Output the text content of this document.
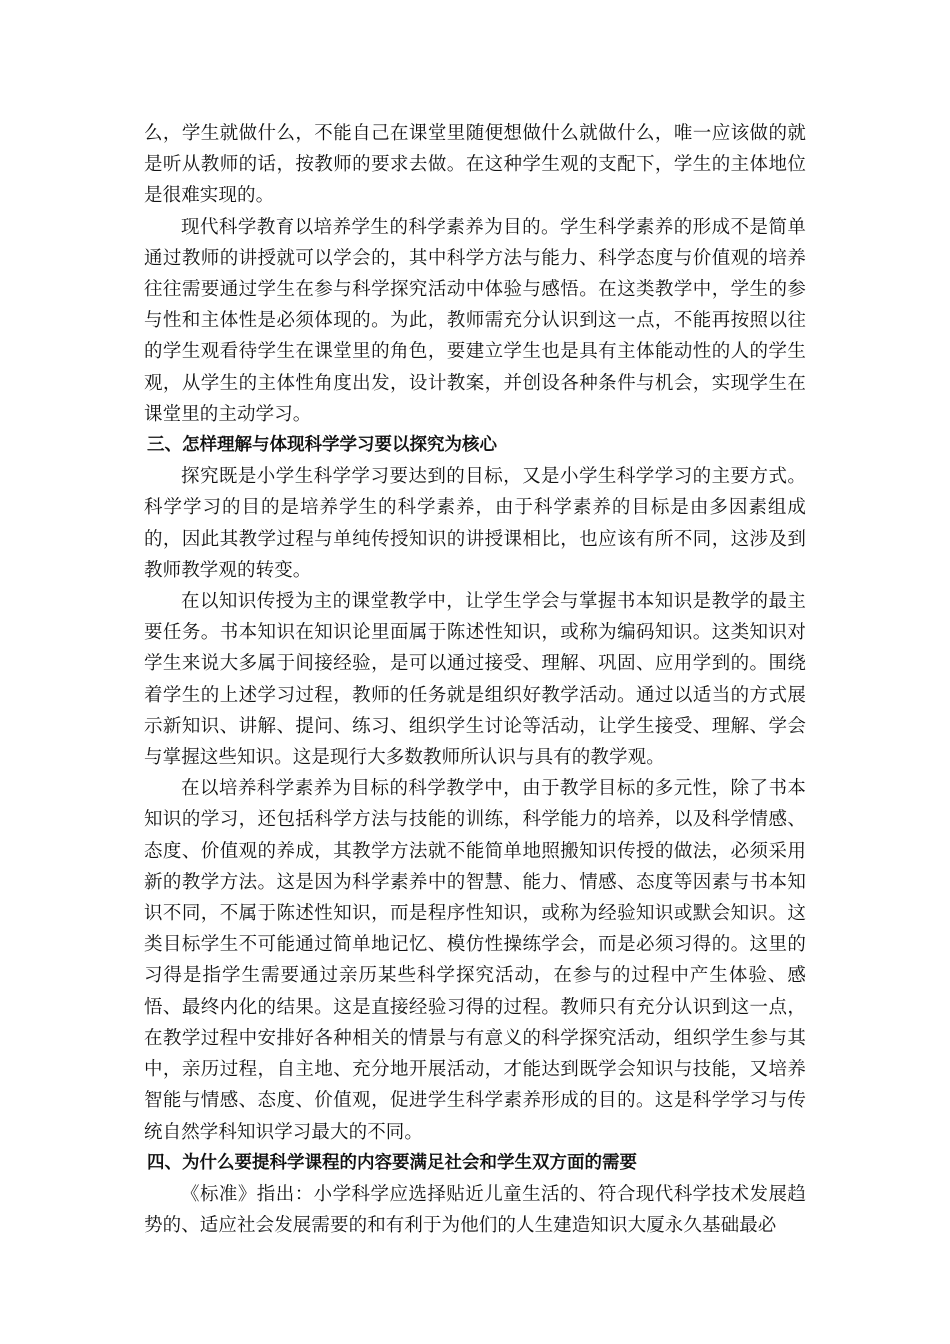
么，学生就做什么，不能自己在课堂里随便想做什么就做什么，唯一应该做的就是听从教师的话，按教师的要求去做。在这种学生观的支配下，学生的主体地位是很难实现的。

现代科学教育以培养学生的科学素养为目的。学生科学素养的形成不是简单通过教师的讲授就可以学会的，其中科学方法与能力、科学态度与价值观的培养往往需要通过学生在参与科学探究活动中体验与感悟。在这类教学中，学生的参与性和主体性是必须体现的。为此，教师需充分认识到这一点，不能再按照以往的学生观看待学生在课堂里的角色，要建立学生也是具有主体能动性的人的学生观，从学生的主体性角度出发，设计教案，并创设各种条件与机会，实现学生在课堂里的主动学习。

三、怎样理解与体现科学学习要以探究为核心

探究既是小学生科学学习要达到的目标，又是小学生科学学习的主要方式。科学学习的目的是培养学生的科学素养，由于科学素养的目标是由多因素组成的，因此其教学过程与单纯传授知识的讲授课相比，也应该有所不同，这涉及到教师教学观的转变。

在以知识传授为主的课堂教学中，让学生学会与掌握书本知识是教学的最主要任务。书本知识在知识论里面属于陈述性知识，或称为编码知识。这类知识对学生来说大多属于间接经验，是可以通过接受、理解、巩固、应用学到的。围绕着学生的上述学习过程，教师的任务就是组织好教学活动。通过以适当的方式展示新知识、讲解、提问、练习、组织学生讨论等活动，让学生接受、理解、学会与掌握这些知识。这是现行大多数教师所认识与具有的教学观。

在以培养科学素养为目标的科学教学中，由于教学目标的多元性，除了书本知识的学习，还包括科学方法与技能的训练，科学能力的培养，以及科学情感、态度、价值观的养成，其教学方法就不能简单地照搬知识传授的做法，必须采用新的教学方法。这是因为科学素养中的智慧、能力、情感、态度等因素与书本知识不同，不属于陈述性知识，而是程序性知识，或称为经验知识或默会知识。这类目标学生不可能通过简单地记忆、模仿性操练学会，而是必须习得的。这里的习得是指学生需要通过亲历某些科学探究活动，在参与的过程中产生体验、感悟、最终内化的结果。这是直接经验习得的过程。教师只有充分认识到这一点，在教学过程中安排好各种相关的情景与有意义的科学探究活动，组织学生参与其中，亲历过程，自主地、充分地开展活动，才能达到既学会知识与技能，又培养智能与情感、态度、价值观，促进学生科学素养形成的目的。这是科学学习与传统自然学科知识学习最大的不同。

四、为什么要提科学课程的内容要满足社会和学生双方面的需要

《标准》指出：小学科学应选择贴近儿童生活的、符合现代科学技术发展趋势的、适应社会发展需要的和有利于为他们的人生建造知识大厦永久基础最必
